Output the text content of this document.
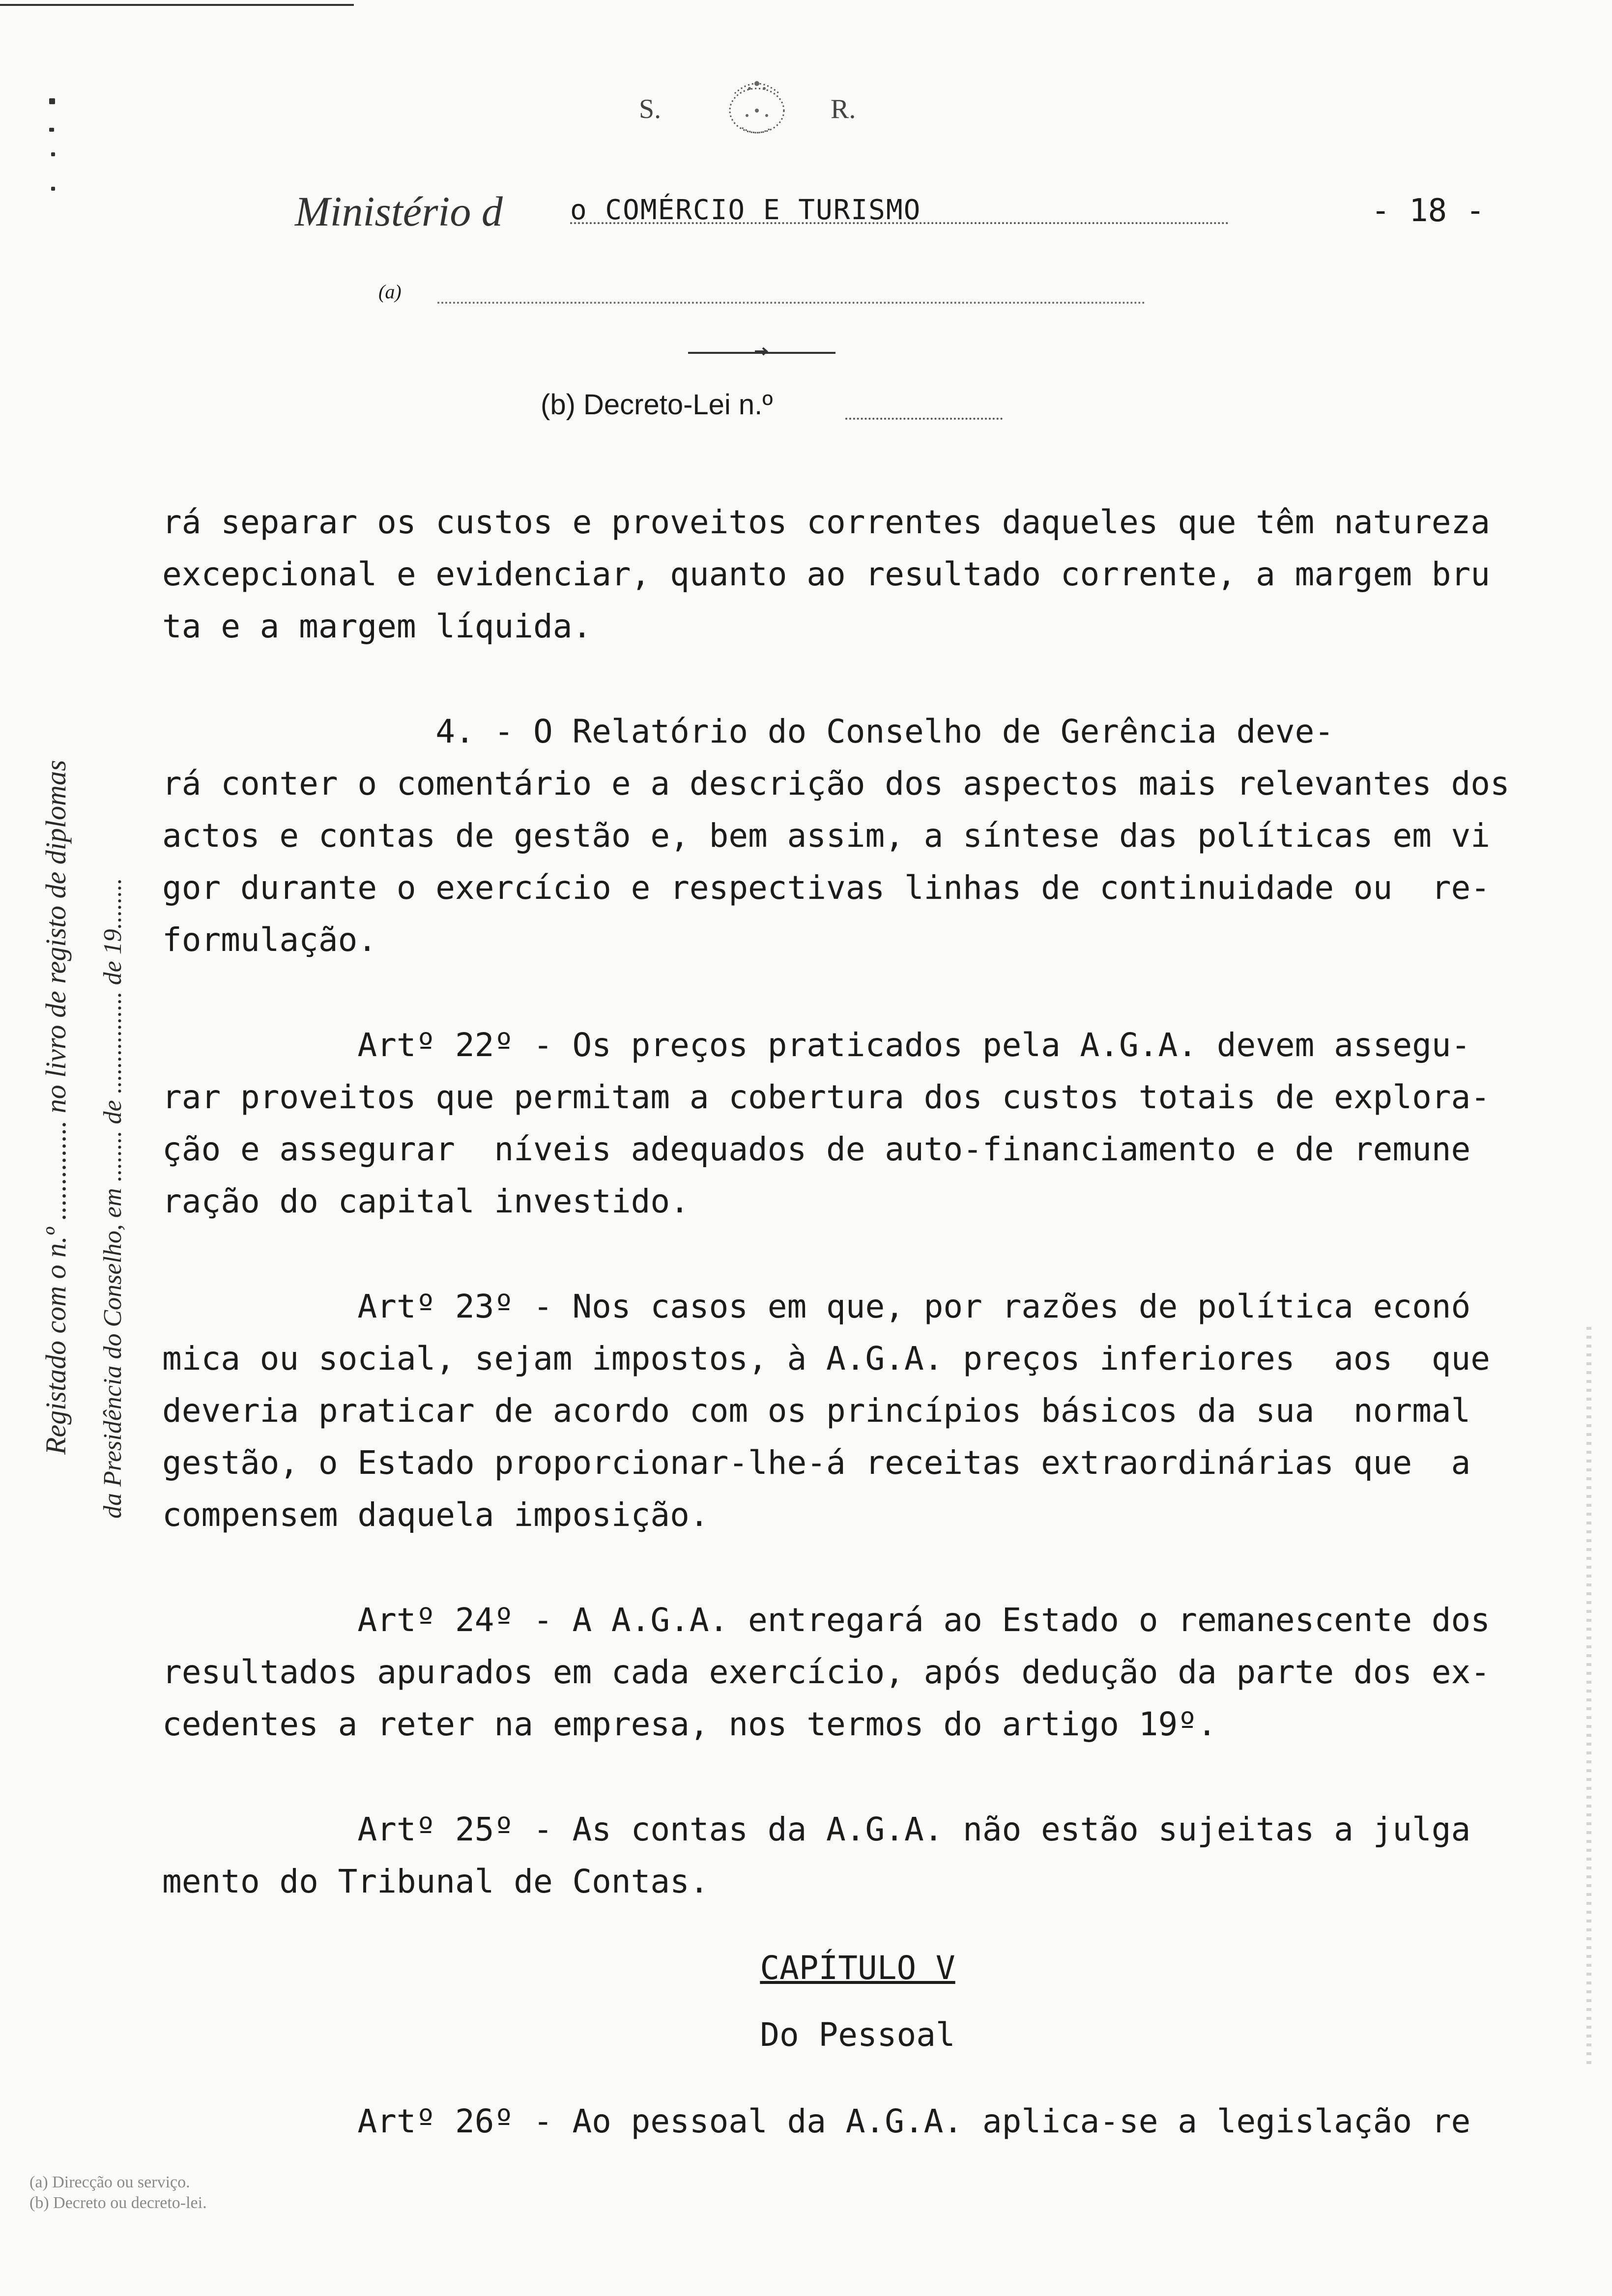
S.	R.
Ministério d o COMÉRCIO E TURISMO	- 18 -
(a)
(b) Decreto-Lei n.º
Registado com o n.º .............. no livro de registo de diplomas da Presidência do Conselho, em ........ de ................ de 19........

rá separar os custos e proveitos correntes daqueles que têm natureza
excepcional e evidenciar, quanto ao resultado corrente, a margem bru
ta e a margem líquida.

4. - O Relatório do Conselho de Gerência deve-
rá conter o comentário e a descrição dos aspectos mais relevantes dos
actos e contas de gestão e, bem assim, a síntese das políticas em vi
gor durante o exercício e respectivas linhas de continuidade ou  re-
formulação.

Artº 22º - Os preços praticados pela A.G.A. devem assegu-
rar proveitos que permitam a cobertura dos custos totais de explora-
ção e assegurar  níveis adequados de auto-financiamento e de remune
ração do capital investido.

Artº 23º - Nos casos em que, por razões de política econó
mica ou social, sejam impostos, à A.G.A. preços inferiores  aos  que
deveria praticar de acordo com os princípios básicos da sua  normal
gestão, o Estado proporcionar-lhe-á receitas extraordinárias que  a
compensem daquela imposição.

Artº 24º - A A.G.A. entregará ao Estado o remanescente dos
resultados apurados em cada exercício, após dedução da parte dos ex-
cedentes a reter na empresa, nos termos do artigo 19º.

Artº 25º - As contas da A.G.A. não estão sujeitas a julga
mento do Tribunal de Contas.

CAPÍTULO V

Do Pessoal

Artº 26º - Ao pessoal da A.G.A. aplica-se a legislação re

(a) Direcção ou serviço.
(b) Decreto ou decreto-lei.
